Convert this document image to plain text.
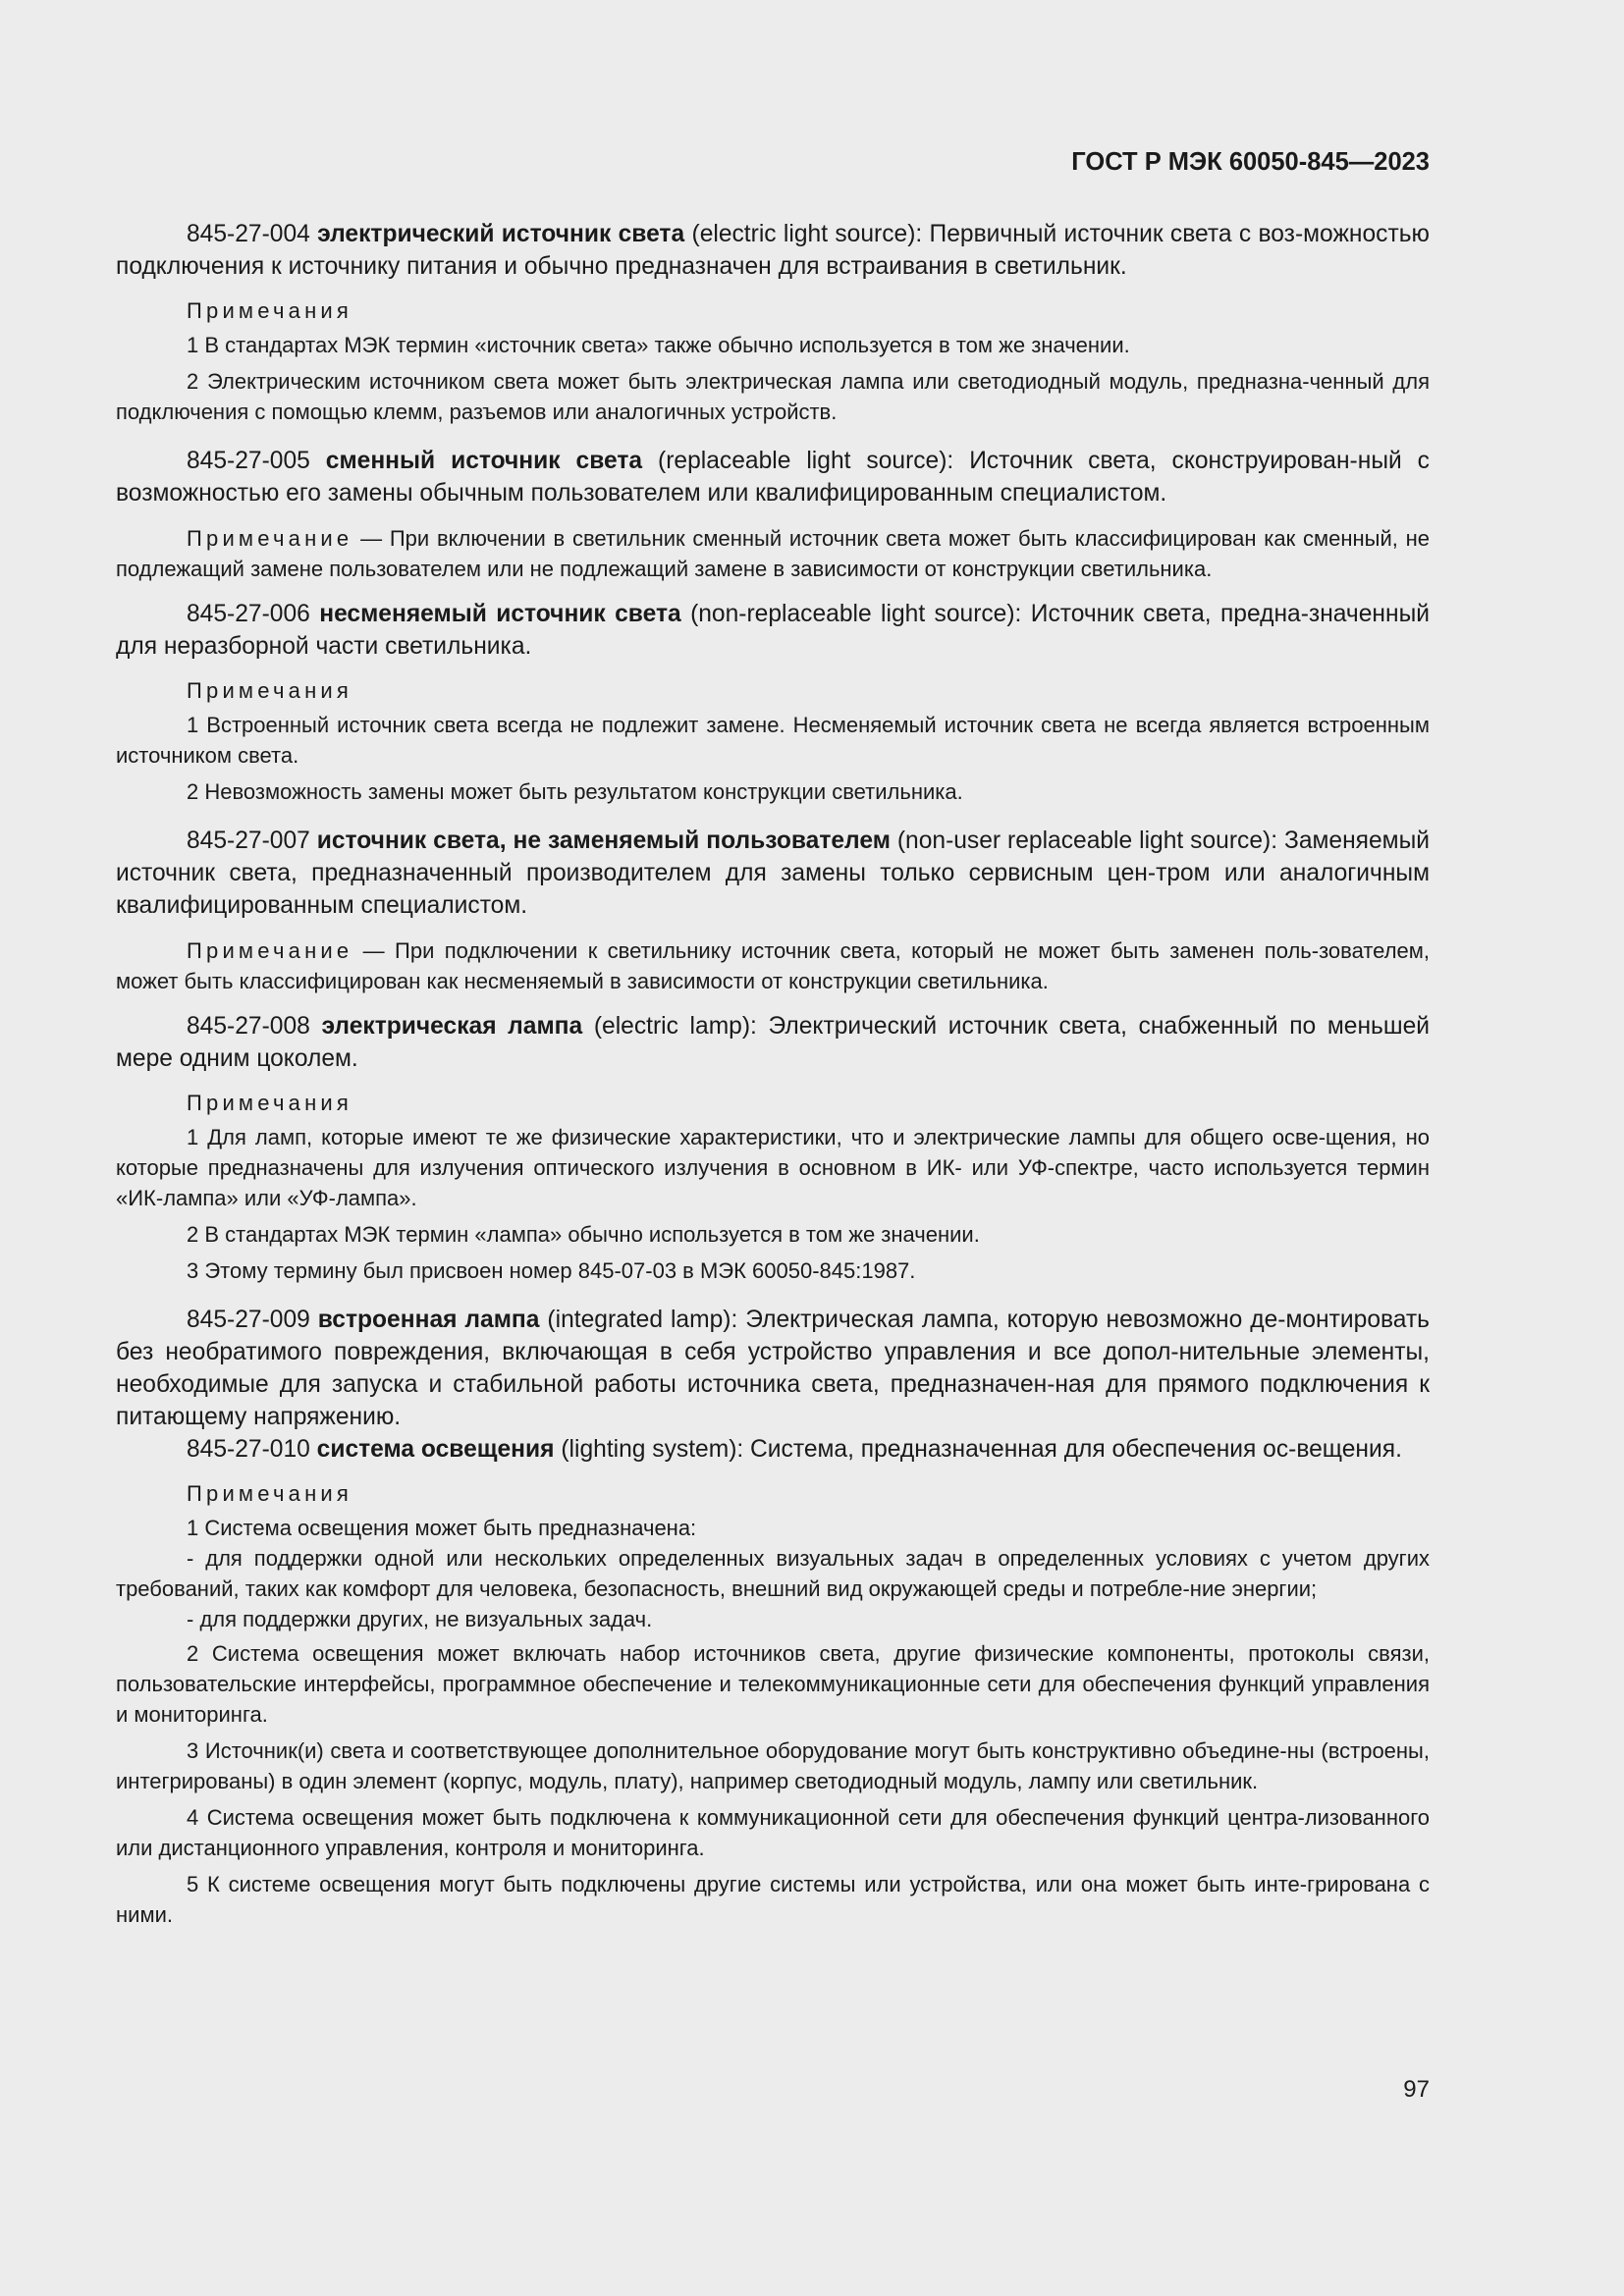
ГОСТ Р МЭК 60050-845—2023

845-27-004 электрический источник света (electric light source): Первичный источник света с воз-можностью подключения к источнику питания и обычно предназначен для встраивания в светильник.

Примечания

1 В стандартах МЭК термин «источник света» также обычно используется в том же значении.

2 Электрическим источником света может быть электрическая лампа или светодиодный модуль, предназна-ченный для подключения с помощью клемм, разъемов или аналогичных устройств.

845-27-005 сменный источник света (replaceable light source): Источник света, сконструирован-ный с возможностью его замены обычным пользователем или квалифицированным специалистом.

Примечание — При включении в светильник сменный источник света может быть классифицирован как сменный, не подлежащий замене пользователем или не подлежащий замене в зависимости от конструкции светильника.

845-27-006 несменяемый источник света (non-replaceable light source): Источник света, предна-значенный для неразборной части светильника.

Примечания

1 Встроенный источник света всегда не подлежит замене. Несменяемый источник света не всегда является встроенным источником света.

2 Невозможность замены может быть результатом конструкции светильника.

845-27-007 источник света, не заменяемый пользователем (non-user replaceable light source): Заменяемый источник света, предназначенный производителем для замены только сервисным цен-тром или аналогичным квалифицированным специалистом.

Примечание — При подключении к светильнику источник света, который не может быть заменен поль-зователем, может быть классифицирован как несменяемый в зависимости от конструкции светильника.

845-27-008 электрическая лампа (electric lamp): Электрический источник света, снабженный по меньшей мере одним цоколем.

Примечания

1 Для ламп, которые имеют те же физические характеристики, что и электрические лампы для общего осве-щения, но которые предназначены для излучения оптического излучения в основном в ИК- или УФ-спектре, часто используется термин «ИК-лампа» или «УФ-лампа».

2 В стандартах МЭК термин «лампа» обычно используется в том же значении.

3 Этому термину был присвоен номер 845-07-03 в МЭК 60050-845:1987.

845-27-009 встроенная лампа (integrated lamp): Электрическая лампа, которую невозможно де-монтировать без необратимого повреждения, включающая в себя устройство управления и все допол-нительные элементы, необходимые для запуска и стабильной работы источника света, предназначен-ная для прямого подключения к питающему напряжению.

845-27-010 система освещения (lighting system): Система, предназначенная для обеспечения ос-вещения.

Примечания

1 Система освещения может быть предназначена:

- для поддержки одной или нескольких определенных визуальных задач в определенных условиях с учетом других требований, таких как комфорт для человека, безопасность, внешний вид окружающей среды и потребле-ние энергии;

- для поддержки других, не визуальных задач.

2 Система освещения может включать набор источников света, другие физические компоненты, протоколы связи, пользовательские интерфейсы, программное обеспечение и телекоммуникационные сети для обеспечения функций управления и мониторинга.

3 Источник(и) света и соответствующее дополнительное оборудование могут быть конструктивно объедине-ны (встроены, интегрированы) в один элемент (корпус, модуль, плату), например светодиодный модуль, лампу или светильник.

4 Система освещения может быть подключена к коммуникационной сети для обеспечения функций центра-лизованного или дистанционного управления, контроля и мониторинга.

5 К системе освещения могут быть подключены другие системы или устройства, или она может быть инте-грирована с ними.

97
